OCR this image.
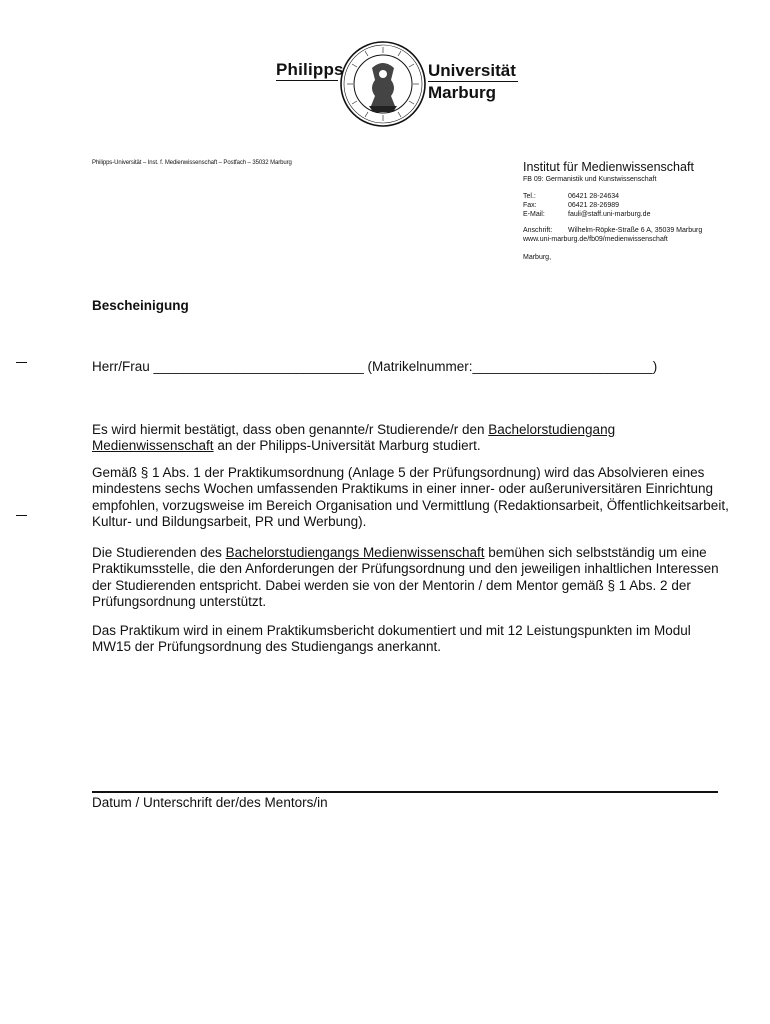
Philipps	Universität
Marburg
Philipps-Universität – Inst. f. Medienwissenschaft – Postfach – 35032 Marburg	Institut für Medienwissenschaft
FB 09: Germanistik und Kunstwissenschaft
Tel.:	06421 28-24634
Fax:	06421 28-26989
E-Mail:	fauli@staff.uni-marburg.de
Anschrift:	Wilhelm-Röpke-Straße 6 A, 35039 Marburg
www.uni-marburg.de/fb09/medienwissenschaft
Marburg,
Bescheinigung
Herr/Frau ____________________________ (Matrikelnummer:________________________)

Es wird hiermit bestätigt, dass oben genannte/r Studierende/r den Bachelorstudiengang Medienwissenschaft an der Philipps-Universität Marburg studiert.

Gemäß § 1 Abs. 1 der Praktikumsordnung (Anlage 5 der Prüfungsordnung) wird das Absolvieren eines mindestens sechs Wochen umfassenden Praktikums in einer inner- oder außeruniversitären Einrichtung empfohlen, vorzugsweise im Bereich Organisation und Vermittlung (Redaktionsarbeit, Öffentlichkeitsarbeit, Kultur- und Bildungsarbeit, PR und Werbung).

Die Studierenden des Bachelorstudiengangs Medienwissenschaft bemühen sich selbstständig um eine Praktikumsstelle, die den Anforderungen der Prüfungsordnung und den jeweiligen inhaltlichen Interessen der Studierenden entspricht. Dabei werden sie von der Mentorin / dem Mentor gemäß § 1 Abs. 2 der Prüfungsordnung unterstützt.

Das Praktikum wird in einem Praktikumsbericht dokumentiert und mit 12 Leistungspunkten im Modul MW15 der Prüfungsordnung des Studiengangs anerkannt.

Datum / Unterschrift der/des Mentors/in
